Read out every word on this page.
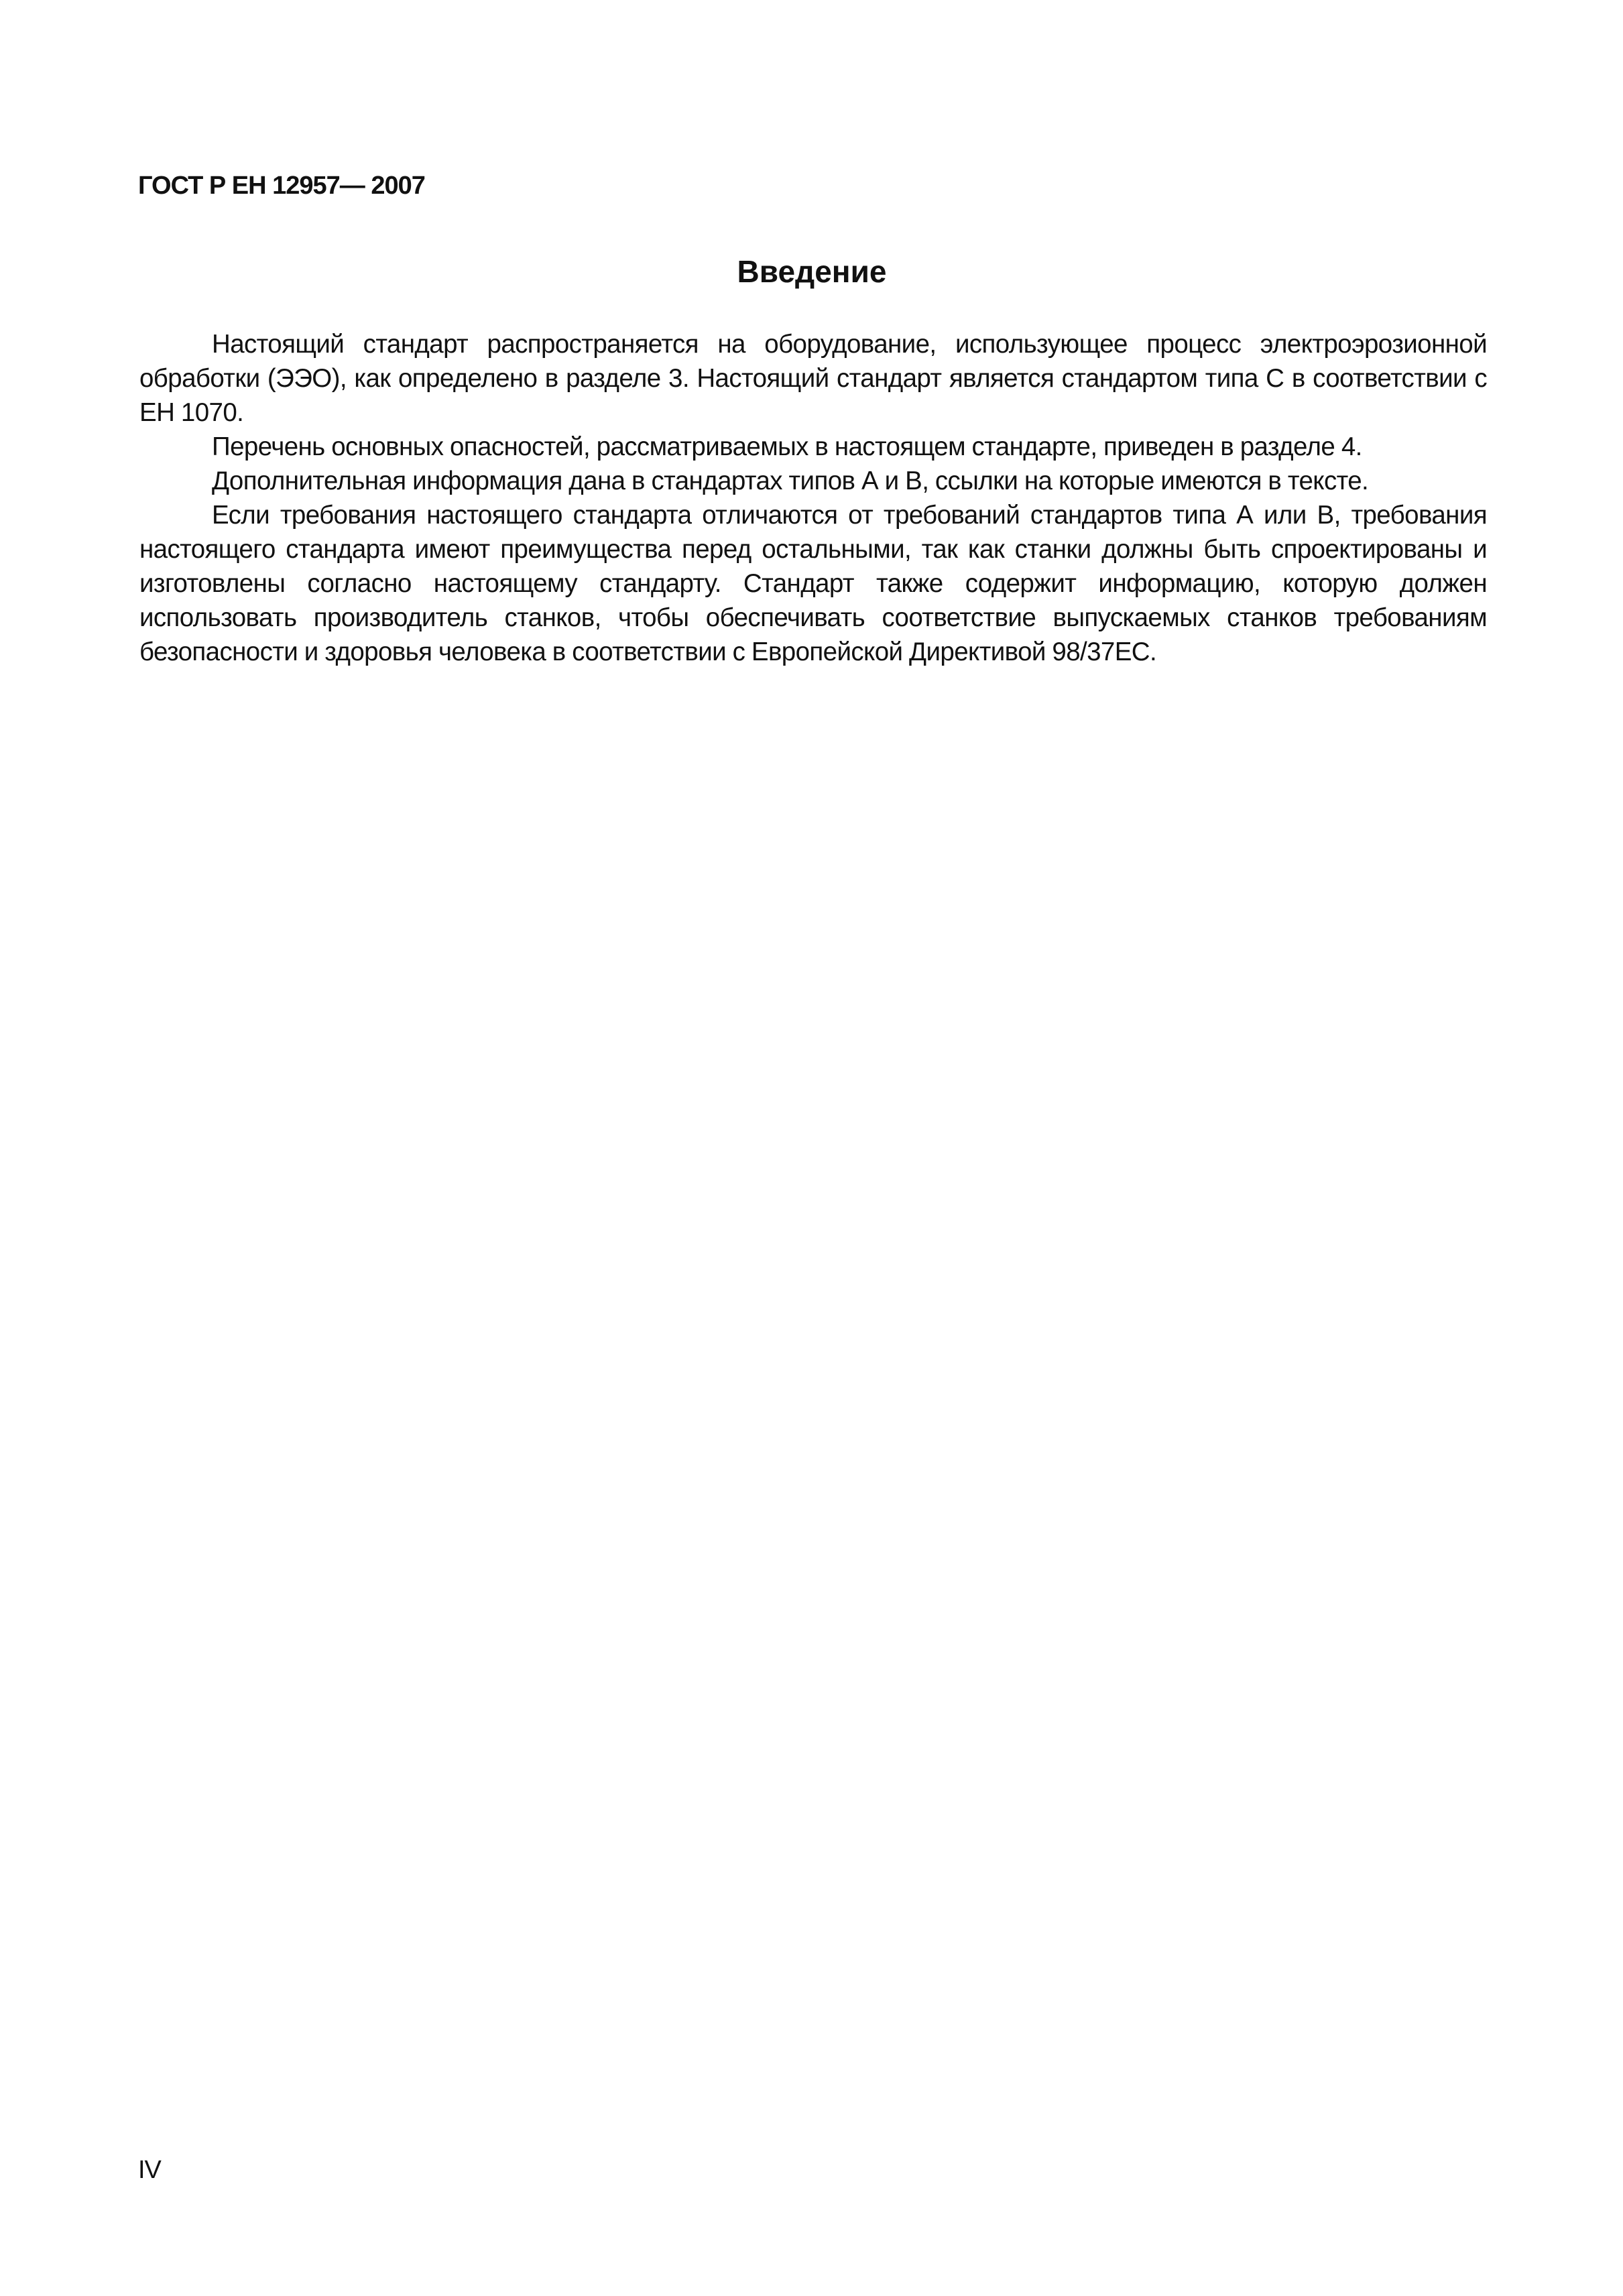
ГОСТ Р ЕН 12957— 2007
Введение

Настоящий стандарт распространяется на оборудование, использующее процесс электроэрозионной обработки (ЭЭО), как определено в разделе 3. Настоящий стандарт является стандартом типа С в соответствии с ЕН 1070.

Перечень основных опасностей, рассматриваемых в настоящем стандарте, приведен в разделе 4.

Дополнительная информация дана в стандартах типов А и В, ссылки на которые имеются в тексте.

Если требования настоящего стандарта отличаются от требований стандартов типа А или В, требования настоящего стандарта имеют преимущества перед остальными, так как станки должны быть спроектированы и изготовлены согласно настоящему стандарту. Стандарт также содержит информацию, которую должен использовать производитель станков, чтобы обеспечивать соответствие выпускаемых станков требованиям безопасности и здоровья человека в соответствии с Европейской Директивой 98/37ЕС.

IV
